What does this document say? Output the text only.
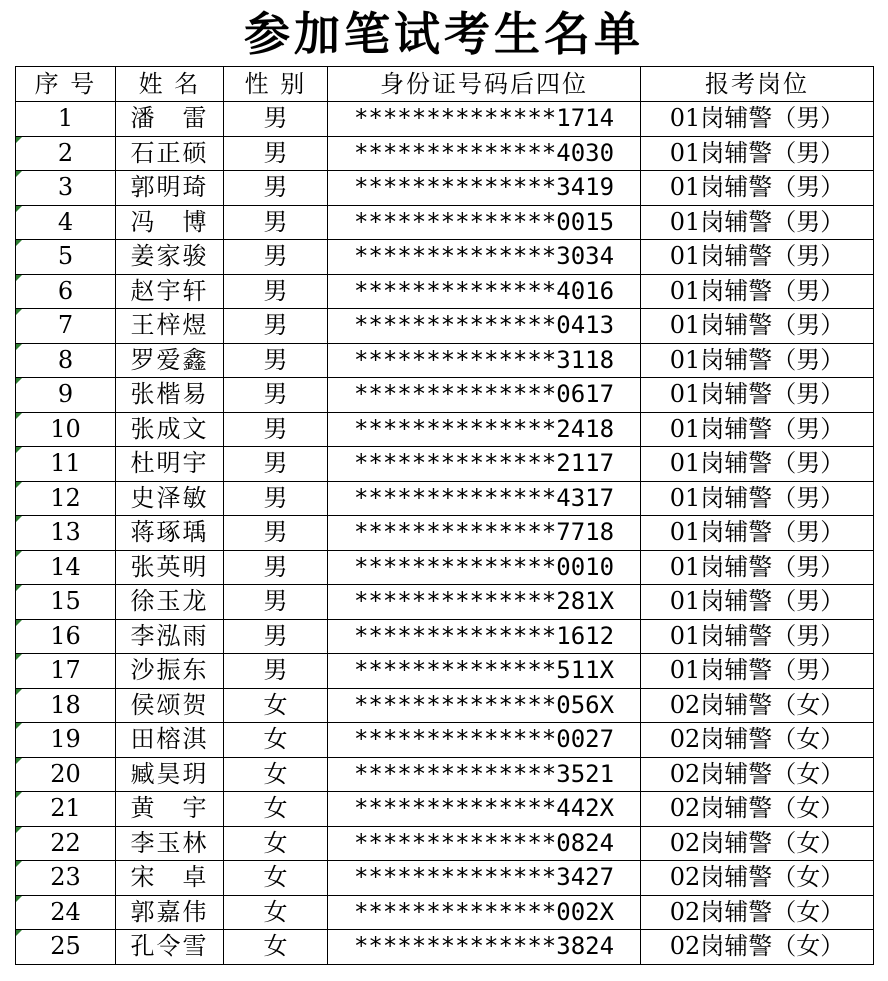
参加笔试考生名单
序 号	姓 名	性 别	身份证号码后四位	报考岗位
1	潘　雷	男	**************1714	01岗辅警（男）

2	石正硕	男	**************4030	01岗辅警（男）

3	郭明琦	男	**************3419	01岗辅警（男）

4	冯　博	男	**************0015	01岗辅警（男）

5	姜家骏	男	**************3034	01岗辅警（男）

6	赵宇轩	男	**************4016	01岗辅警（男）

7	王梓煜	男	**************0413	01岗辅警（男）

8	罗爱鑫	男	**************3118	01岗辅警（男）

9	张楷易	男	**************0617	01岗辅警（男）

10	张成文	男	**************2418	01岗辅警（男）

11	杜明宇	男	**************2117	01岗辅警（男）

12	史泽敏	男	**************4317	01岗辅警（男）

13	蒋琢瑀	男	**************7718	01岗辅警（男）

14	张英明	男	**************0010	01岗辅警（男）

15	徐玉龙	男	**************281X	01岗辅警（男）

16	李泓雨	男	**************1612	01岗辅警（男）

17	沙振东	男	**************511X	01岗辅警（男）

18	侯颂贺	女	**************056X	02岗辅警（女）

19	田榕淇	女	**************0027	02岗辅警（女）

20	臧昊玥	女	**************3521	02岗辅警（女）

21	黄　宇	女	**************442X	02岗辅警（女）

22	李玉林	女	**************0824	02岗辅警（女）

23	宋　卓	女	**************3427	02岗辅警（女）

24	郭嘉伟	女	**************002X	02岗辅警（女）

25	孔令雪	女	**************3824	02岗辅警（女）
